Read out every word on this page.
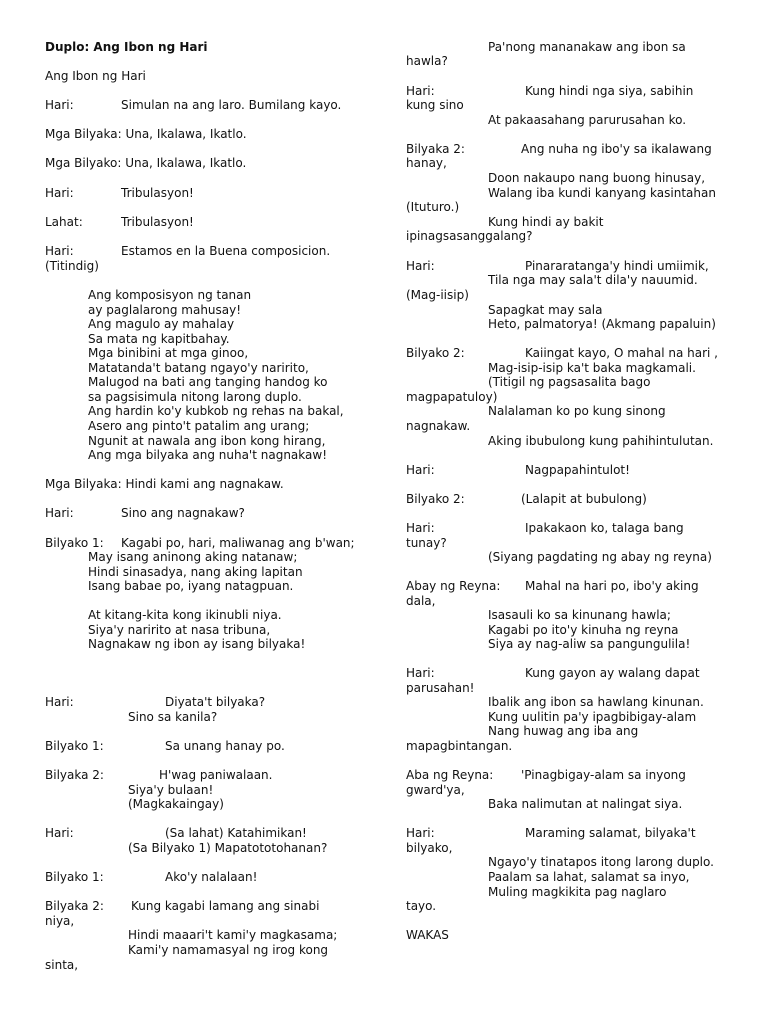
Duplo: Ang Ibon ng Hari
Ang Ibon ng Hari
Hari:	Simulan na ang laro. Bumilang kayo.
Mga Bilyaka: Una, Ikalawa, Ikatlo.
Mga Bilyako: Una, Ikalawa, Ikatlo.
Hari:	Tribulasyon!
Lahat:	Tribulasyon!
Hari:	Estamos en la Buena composicion.
(Titindig)
Ang komposisyon ng tanan
ay paglalarong mahusay!
Ang magulo ay mahalay
Sa mata ng kapitbahay.
Mga binibini at mga ginoo,
Matatanda't batang ngayo'y naririto,
Malugod na bati ang tanging handog ko
sa pagsisimula nitong larong duplo.
Ang hardin ko'y kubkob ng rehas na bakal,
Asero ang pinto't patalim ang urang;
Ngunit at nawala ang ibon kong hirang,
Ang mga bilyaka ang nuha't nagnakaw!
Mga Bilyaka: Hindi kami ang nagnakaw.
Hari:	Sino ang nagnakaw?
Bilyako 1: Kagabi po, hari, maliwanag ang b'wan;
May isang aninong aking natanaw;
Hindi sinasadya, nang aking lapitan
Isang babae po, iyang natagpuan.
At kitang-kita kong ikinubli niya.
Siya'y naririto at nasa tribuna,
Nagnakaw ng ibon ay isang bilyaka!
Hari:	Diyata't bilyaka?
Sino sa kanila?
Bilyako 1:	Sa unang hanay po.
Bilyaka 2:	H'wag paniwalaan.
Siya'y bulaan!
(Magkakaingay)
Hari:	(Sa lahat) Katahimikan!
(Sa Bilyako 1) Mapatototohanan?
Bilyako 1:	Ako'y nalalaan!
Bilyaka 2: Kung kagabi lamang ang sinabi
niya,
Hindi maaari't kami'y magkasama;
Kami'y namamasyal ng irog kong
sinta,
Pa'nong mananakaw ang ibon sa
hawla?
Hari:	Kung hindi nga siya, sabihin
kung sino
At pakaasahang parurusahan ko.
Bilyaka 2:	Ang nuha ng ibo'y sa ikalawang
hanay,
Doon nakaupo nang buong hinusay,
Walang iba kundi kanyang kasintahan
(Ituturo.)
Kung hindi ay bakit
ipinagsasanggalang?
Hari:	Pinararatanga'y hindi umiimik,
Tila nga may sala't dila'y nauumid.
(Mag-iisip)
Sapagkat may sala
Heto, palmatorya! (Akmang papaluin)
Bilyako 2:	Kaiingat kayo, O mahal na hari ,
Mag-isip-isip ka't baka magkamali.
(Titigil ng pagsasalita bago
magpapatuloy)
Nalalaman ko po kung sinong
nagnakaw.
Aking ibubulong kung pahihintulutan.
Hari:	Nagpapahintulot!
Bilyako 2:	(Lalapit at bubulong)
Hari:	Ipakakaon ko, talaga bang
tunay?
(Siyang pagdating ng abay ng reyna)
Abay ng Reyna: Mahal na hari po, ibo'y aking
dala,
Isasauli ko sa kinunang hawla;
Kagabi po ito'y kinuha ng reyna
Siya ay nag-aliw sa pangungulila!
Hari:	Kung gayon ay walang dapat
parusahan!
Ibalik ang ibon sa hawlang kinunan.
Kung uulitin pa'y ipagbibigay-alam
Nang huwag ang iba ang
mapagbintangan.
Aba ng Reyna: 'Pinagbigay-alam sa inyong
gward'ya,
Baka nalimutan at nalingat siya.
Hari:	Maraming salamat, bilyaka't
bilyako,
Ngayo'y tinatapos itong larong duplo.
Paalam sa lahat, salamat sa inyo,
Muling magkikita pag naglaro
tayo.
WAKAS
